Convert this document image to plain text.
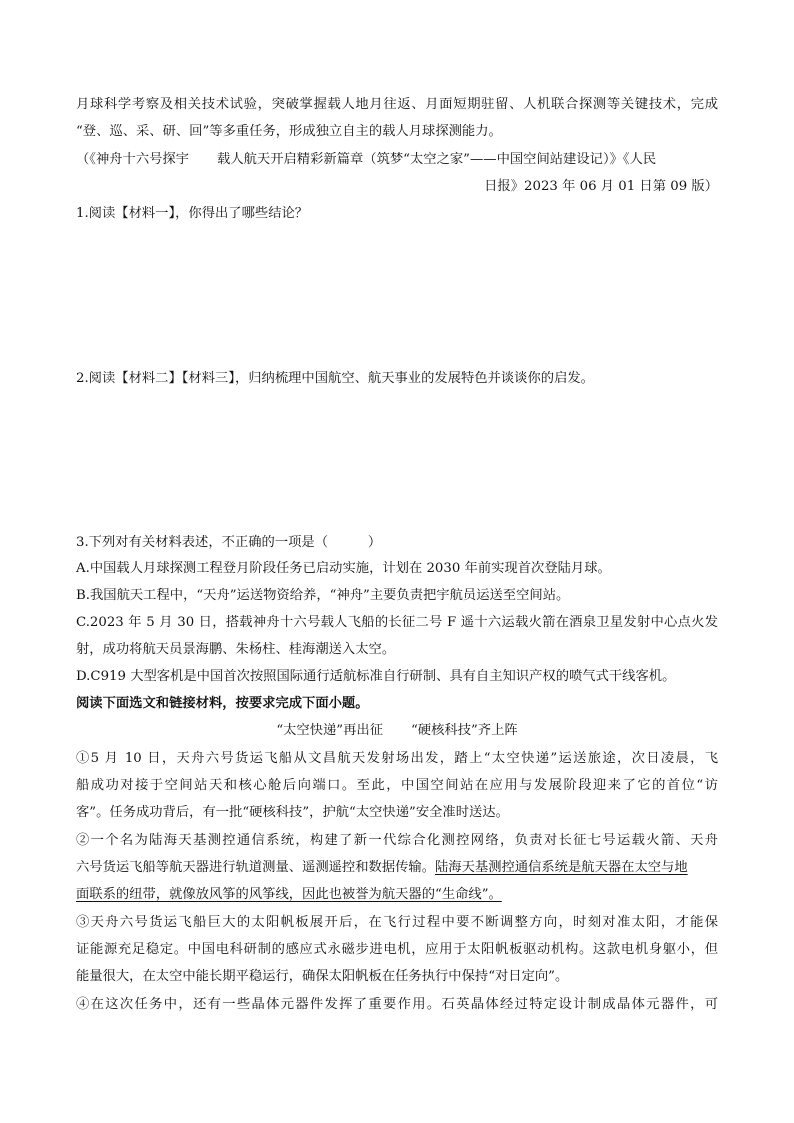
月球科学考察及相关技术试验，突破掌握载人地月往返、月面短期驻留、人机联合探测等关键技术，完成
“登、巡、采、研、回”等多重任务，形成独立自主的载人月球探测能力。
（《神舟十六号探宇 载人航天开启精彩新篇章（筑梦“太空之家”——中国空间站建设记）》《人民
日报》2023 年 06 月 01 日第 09 版）
1.阅读【材料一】，你得出了哪些结论？
2.阅读【材料二】【材料三】，归纳梳理中国航空、航天事业的发展特色并谈谈你的启发。
3.下列对有关材料表述，不正确的一项是（　　　）
A.中国载人月球探测工程登月阶段任务已启动实施，计划在 2030 年前实现首次登陆月球。
B.我国航天工程中，“天舟”运送物资给养，“神舟”主要负责把宇航员运送至空间站。
C.2023 年 5 月 30 日，搭载神舟十六号载人飞船的长征二号 F 遥十六运载火箭在酒泉卫星发射中心点火发
射，成功将航天员景海鹏、朱杨柱、桂海潮送入太空。
D.C919 大型客机是中国首次按照国际通行适航标准自行研制、具有自主知识产权的喷气式干线客机。
阅读下面选文和链接材料，按要求完成下面小题。
“太空快递”再出征 “硬核科技”齐上阵
①5 月 10 日，天舟六号货运飞船从文昌航天发射场出发，踏上“太空快递”运送旅途，次日凌晨，飞
船成功对接于空间站天和核心舱后向端口。至此，中国空间站在应用与发展阶段迎来了它的首位“访
客”。任务成功背后，有一批“硬核科技”，护航“太空快递”安全准时送达。
②一个名为陆海天基测控通信系统，构建了新一代综合化测控网络，负责对长征七号运载火箭、天舟
六号货运飞船等航天器进行轨道测量、遥测遥控和数据传输。陆海天基测控通信系统是航天器在太空与地
面联系的纽带，就像放风筝的风筝线，因此也被誉为航天器的“生命线”。
③天舟六号货运飞船巨大的太阳帆板展开后，在飞行过程中要不断调整方向，时刻对准太阳，才能保
证能源充足稳定。中国电科研制的感应式永磁步进电机，应用于太阳帆板驱动机构。这款电机身躯小，但
能量很大，在太空中能长期平稳运行，确保太阳帆板在任务执行中保持“对日定向”。
④在这次任务中，还有一些晶体元器件发挥了重要作用。石英晶体经过特定设计制成晶体元器件，可
